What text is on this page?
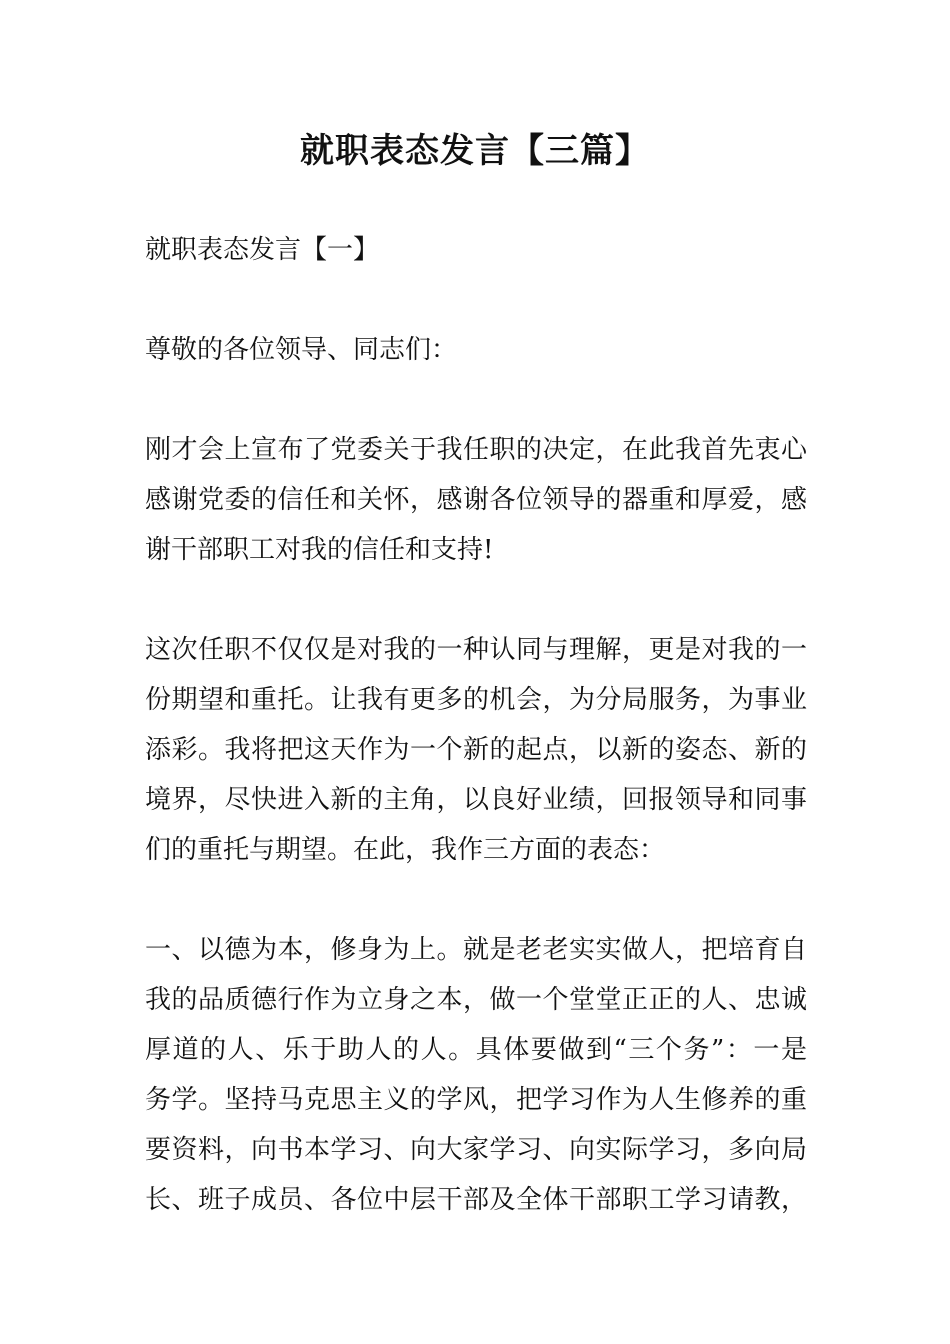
就职表态发言【三篇】

就职表态发言【一】

尊敬的各位领导、同志们：

刚才会上宣布了党委关于我任职的决定，在此我首先衷心

感谢党委的信任和关怀，感谢各位领导的器重和厚爱，感

谢干部职工对我的信任和支持!

这次任职不仅仅是对我的一种认同与理解，更是对我的一

份期望和重托。让我有更多的机会，为分局服务，为事业

添彩。我将把这天作为一个新的起点，以新的姿态、新的

境界，尽快进入新的主角，以良好业绩，回报领导和同事

们的重托与期望。在此，我作三方面的表态：

一、以德为本，修身为上。就是老老实实做人，把培育自

我的品质德行作为立身之本，做一个堂堂正正的人、忠诚

厚道的人、乐于助人的人。具体要做到“三个务”：一是

务学。坚持马克思主义的学风，把学习作为人生修养的重

要资料，向书本学习、向大家学习、向实际学习，多向局

长、班子成员、各位中层干部及全体干部职工学习请教，
